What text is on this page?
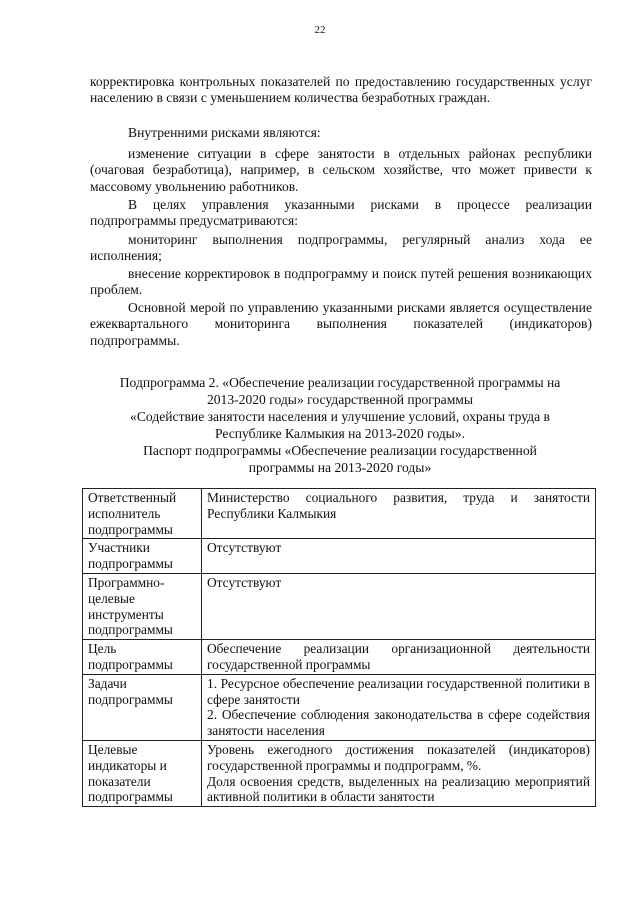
22

корректировка контрольных показателей по предоставлению государственных услуг населению в связи с уменьшением количества безработных граждан.

Внутренними рисками являются:

изменение ситуации в сфере занятости в отдельных районах республики (очаговая безработица), например, в сельском хозяйстве, что может привести к массовому увольнению работников.

В целях управления указанными рисками в процессе реализации подпрограммы предусматриваются:

мониторинг выполнения подпрограммы, регулярный анализ хода ее исполнения;

внесение корректировок в подпрограмму и поиск путей решения возникающих проблем.

Основной мерой по управлению указанными рисками является осуществление ежеквартального мониторинга выполнения показателей (индикаторов) подпрограммы.

Подпрограмма 2. «Обеспечение реализации государственной программы на
2013-2020 годы» государственной программы
«Содействие занятости населения и улучшение условий, охраны труда в
Республике Калмыкия на 2013-2020 годы».
Паспорт подпрограммы «Обеспечение реализации государственной
программы на 2013-2020 годы»
Ответственный исполнитель подпрограммы	Министерство социального развития, труда и занятости Республики Калмыкия
Участники подпрограммы	Отсутствуют
Программно-целевые инструменты подпрограммы	Отсутствуют
Цель подпрограммы	Обеспечение реализации организационной деятельности государственной программы
Задачи подпрограммы	1. Ресурсное обеспечение реализации государственной политики в сфере занятости
2. Обеспечение соблюдения законодательства в сфере содействия занятости населения
Целевые индикаторы и показатели подпрограммы	Уровень ежегодного достижения показателей (индикаторов) государственной программы и подпрограмм, %.
Доля освоения средств, выделенных на реализацию мероприятий активной политики в области занятости
